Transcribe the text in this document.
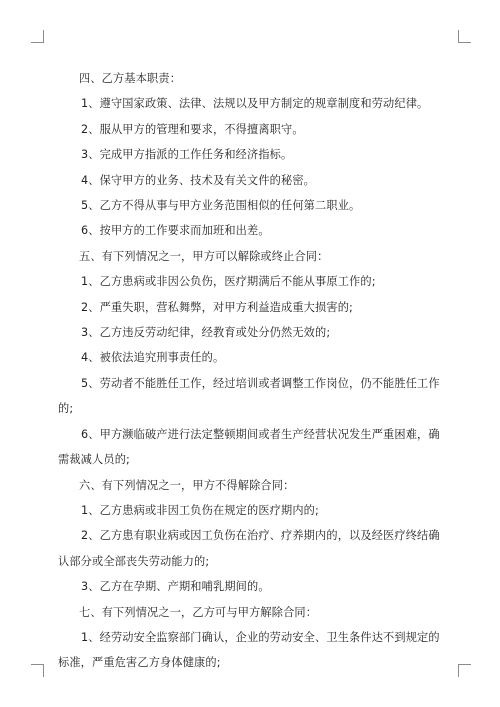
四、乙方基本职责：

1、遵守国家政策、法律、法规以及甲方制定的规章制度和劳动纪律。

2、服从甲方的管理和要求，不得擅离职守。

3、完成甲方指派的工作任务和经济指标。

4、保守甲方的业务、技术及有关文件的秘密。

5、乙方不得从事与甲方业务范围相似的任何第二职业。

6、按甲方的工作要求而加班和出差。

五、有下列情况之一，甲方可以解除或终止合同：

1、乙方患病或非因公负伤，医疗期满后不能从事原工作的;

2、严重失职，营私舞弊，对甲方利益造成重大损害的;

3、乙方违反劳动纪律，经教育或处分仍然无效的;

4、被依法追究刑事责任的。

5、劳动者不能胜任工作，经过培训或者调整工作岗位，仍不能胜任工作的;

6、甲方濒临破产进行法定整顿期间或者生产经营状况发生严重困难，确需裁减人员的;

六、有下列情况之一，甲方不得解除合同：

1、乙方患病或非因工负伤在规定的医疗期内的;

2、乙方患有职业病或因工负伤在治疗、疗养期内的，以及经医疗终结确认部分或全部丧失劳动能力的;

3、乙方在孕期、产期和哺乳期间的。

七、有下列情况之一，乙方可与甲方解除合同：

1、经劳动安全监察部门确认，企业的劳动安全、卫生条件达不到规定的标准，严重危害乙方身体健康的;
